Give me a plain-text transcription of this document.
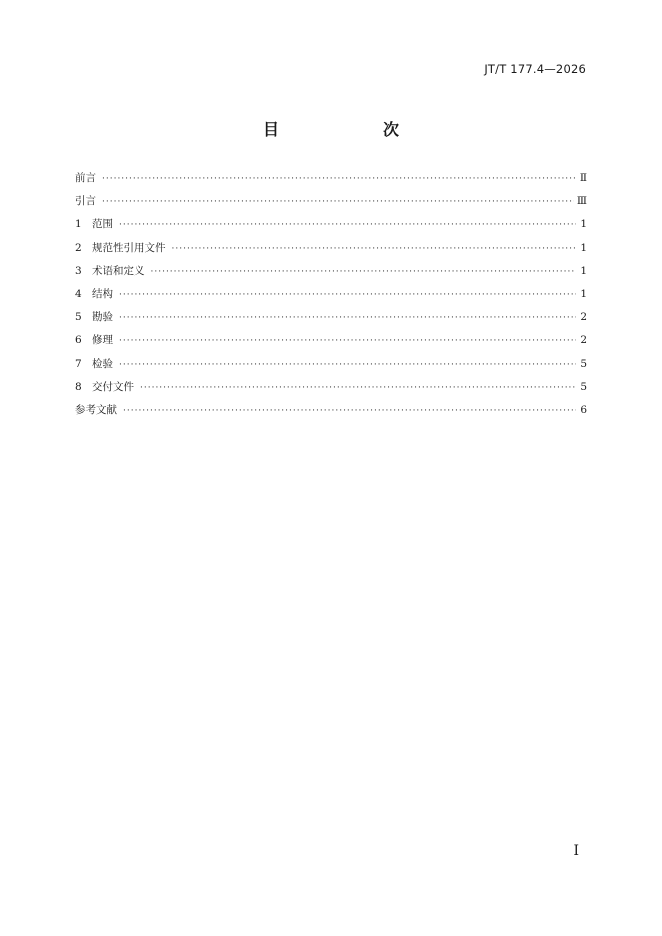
JT/T 177.4—2026
目　次
前言 ·····	Ⅱ
引言 ·····	Ⅲ
1 范围 ·····	1
2 规范性引用文件 ·····	1
3 术语和定义 ·····	1
4 结构 ·····	1
5 勘验 ·····	2
6 修理 ·····	2
7 检验 ·····	5
8 交付文件 ·····	5
参考文献 ·····	6
Ⅰ
